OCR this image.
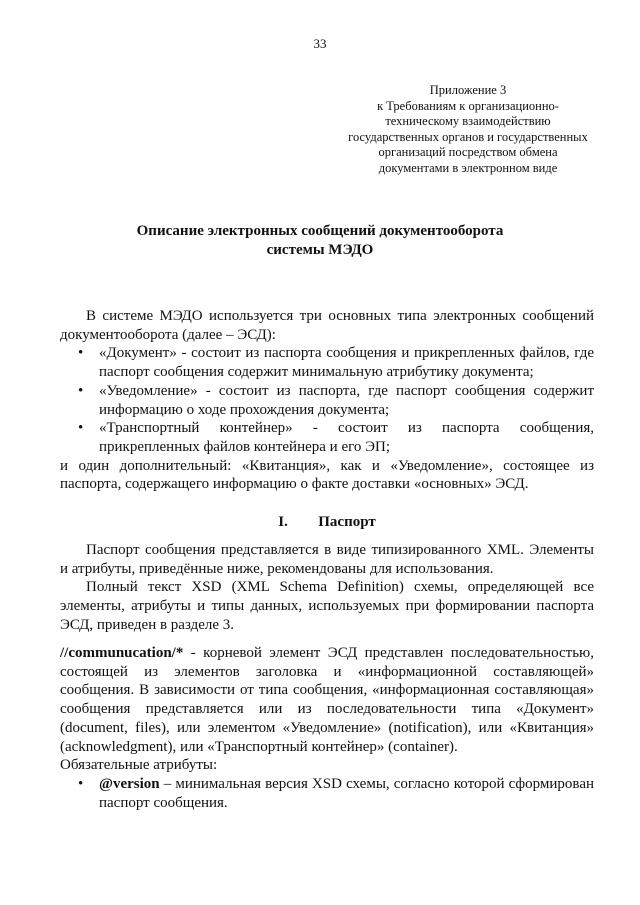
33
Приложение 3
к Требованиям к организационно-
техническому взаимодействию
государственных органов и государственных
организаций посредством обмена
документами в электронном виде
Описание электронных сообщений документооборота
системы МЭДО

В системе МЭДО используется три основных типа электронных сообщений документооборота (далее – ЭСД):

• «Документ» - состоит из паспорта сообщения и прикрепленных файлов, где паспорт сообщения содержит минимальную атрибутику документа;
• «Уведомление» - состоит из паспорта, где паспорт сообщения содержит информацию о ходе прохождения документа;
• «Транспортный контейнер» - состоит из паспорта сообщения, прикрепленных файлов контейнера и его ЭП;

и один дополнительный: «Квитанция», как и «Уведомление», состоящее из паспорта, содержащего информацию о факте доставки «основных» ЭСД.

I. Паспорт

Паспорт сообщения представляется в виде типизированного XML. Элементы и атрибуты, приведённые ниже, рекомендованы для использования.

Полный текст XSD (XML Schema Definition) схемы, определяющей все элементы, атрибуты и типы данных, используемых при формировании паспорта ЭСД, приведен в разделе 3.

//communucation/* - корневой элемент ЭСД представлен последовательностью, состоящей из элементов заголовка и «информационной составляющей» сообщения. В зависимости от типа сообщения, «информационная составляющая» сообщения представляется или из последовательности типа «Документ» (document, files), или элементом «Уведомление» (notification), или «Квитанция» (acknowledgment), или «Транспортный контейнер» (container).

Обязательные атрибуты:

• @version – минимальная версия XSD схемы, согласно которой сформирован паспорт сообщения.
